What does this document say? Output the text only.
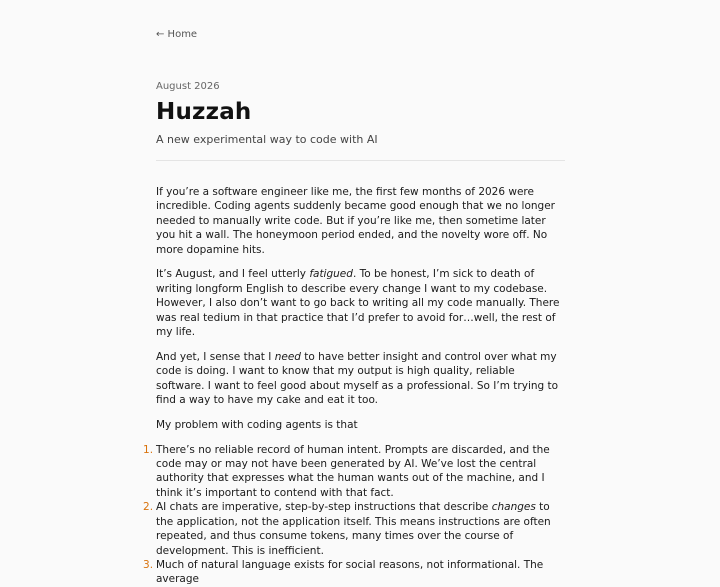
← Home
August 2026
Huzzah
A new experimental way to code with AI

If you’re a software engineer like me, the first few months of 2026 were incredible. Coding agents suddenly became good enough that we no longer needed to manually write code. But if you’re like me, then sometime later you hit a wall. The honeymoon period ended, and the novelty wore off. No more dopamine hits.

It’s August, and I feel utterly fatigued. To be honest, I’m sick to death of writing longform English to describe every change I want to my codebase. However, I also don’t want to go back to writing all my code manually. There was real tedium in that practice that I’d prefer to avoid for…well, the rest of my life.

And yet, I sense that I need to have better insight and control over what my code is doing. I want to know that my output is high quality, reliable software. I want to feel good about myself as a professional. So I’m trying to find a way to have my cake and eat it too.

My problem with coding agents is that

There’s no reliable record of human intent. Prompts are discarded, and the code may or may not have been generated by AI. We’ve lost the central authority that expresses what the human wants out of the machine, and I think it’s important to contend with that fact.
AI chats are imperative, step-by-step instructions that describe changes to the application, not the application itself. This means instructions are often repeated, and thus consume tokens, many times over the course of development. This is inefficient.
Much of natural language exists for social reasons, not informational. The average
